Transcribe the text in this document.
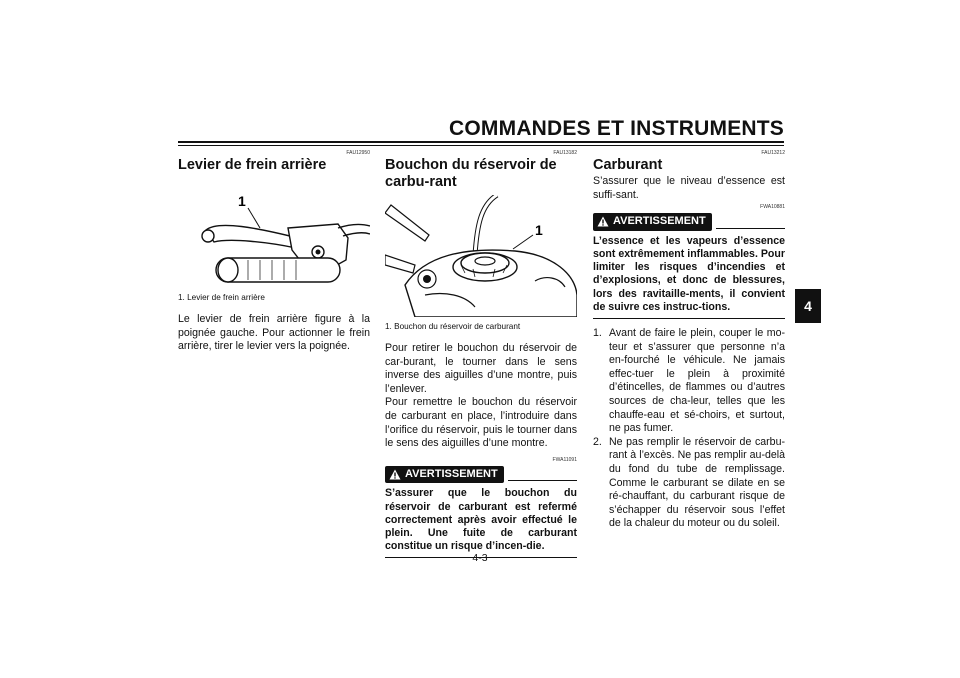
COMMANDES ET INSTRUMENTS
4
FAU12950
Levier de frein arrière
1
1. Levier de frein arrière

Le levier de frein arrière figure à la poignée gauche. Pour actionner le frein arrière, tirer le levier vers la poignée.

FAU13182
Bouchon du réservoir de carbu-rant
1
1. Bouchon du réservoir de carburant

Pour retirer le bouchon du réservoir de car-burant, le tourner dans le sens inverse des aiguilles d’une montre, puis l’enlever.

Pour remettre le bouchon du réservoir de carburant en place, l’introduire dans l’orifice du réservoir, puis le tourner dans le sens des aiguilles d’une montre.

FWA11091
AVERTISSEMENT
S’assurer que le bouchon du réservoir de carburant est refermé correctement après avoir effectué le plein. Une fuite de carburant constitue un risque d’incen-die.
FAU13212
Carburant

S’assurer que le niveau d’essence est suffi-sant.

FWA10881
AVERTISSEMENT
L’essence et les vapeurs d’essence sont extrêmement inflammables. Pour limiter les risques d’incendies et d’explosions, et donc de blessures, lors des ravitaille-ments, il convient de suivre ces instruc-tions.
1. Avant de faire le plein, couper le mo-teur et s’assurer que personne n’a en-fourché le véhicule. Ne jamais effec-tuer le plein à proximité d’étincelles, de flammes ou d’autres sources de cha-leur, telles que les chauffe-eau et sé-choirs, et surtout, ne pas fumer.
2. Ne pas remplir le réservoir de carbu-rant à l’excès. Ne pas remplir au-delà du fond du tube de remplissage. Comme le carburant se dilate en se ré-chauffant, du carburant risque de s’échapper du réservoir sous l’effet de la chaleur du moteur ou du soleil.
4-3
